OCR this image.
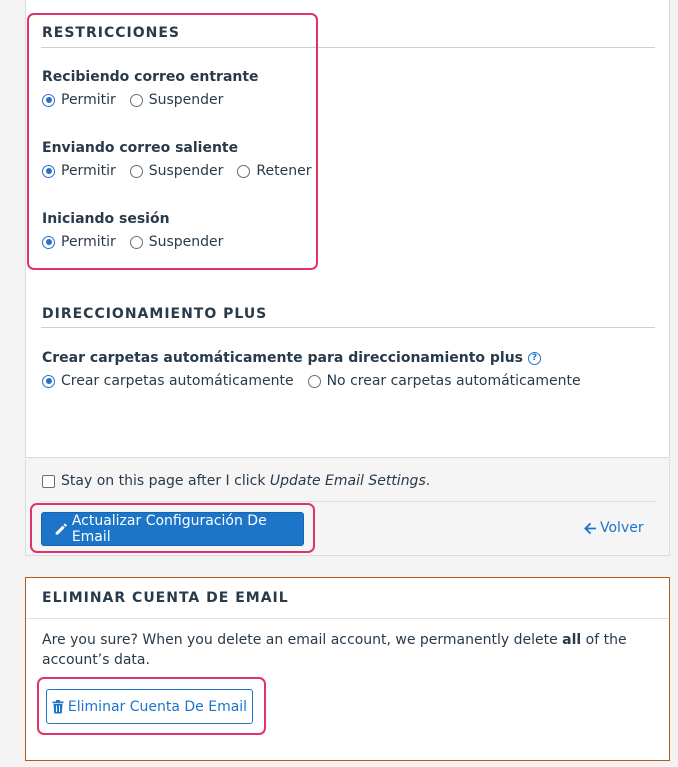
RESTRICCIONES
Recibiendo correo entrante
Permitir Suspender
Enviando correo saliente
Permitir Suspender Retener
Iniciando sesión
Permitir Suspender
DIRECCIONAMIENTO PLUS
Crear carpetas automáticamente para direccionamiento plus ?
Crear carpetas automáticamente No crear carpetas automáticamente
Stay on this page after I click Update Email Settings.
Actualizar Configuración De Email
Volver
ELIMINAR CUENTA DE EMAIL
Are you sure? When you delete an email account, we permanently delete all of the account’s data.
Eliminar Cuenta De Email
